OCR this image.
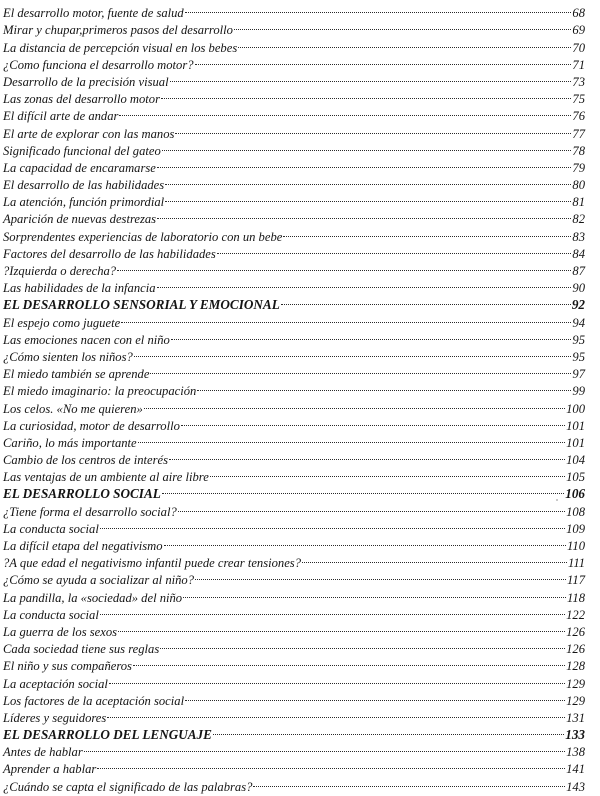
El desarrollo motor, fuente de salud	68
Mirar y chupar,primeros pasos del desarrollo	69
La distancia de percepción visual en los bebes	70
¿Como funciona el desarrollo motor?	71
Desarrollo de la precisión visual	73
Las zonas del desarrollo motor	75
El difícil arte de andar	76
El arte de explorar con las manos	77
Significado funcional del gateo	78
La capacidad de encaramarse	79
El desarrollo de las habilidades	80
La atención, función primordial	81
Aparición de nuevas destrezas	82
Sorprendentes experiencias de laboratorio con un bebe	83
Factores del desarrollo de las habilidades	84
?Izquierda o derecha?	87
Las habilidades de la infancia	90
EL DESARROLLO SENSORIAL Y EMOCIONAL	92
El espejo como juguete	94
Las emociones nacen con el niño	95
¿Cómo sienten los niños?	95
El miedo también se aprende	97
El miedo imaginario: la preocupación	99
Los celos. «No me quieren»	100
La curiosidad, motor de desarrollo	101
Cariño, lo más importante	101
Cambio de los centros de interés	104
Las ventajas de un ambiente al aire libre	105
EL DESARROLLO SOCIAL	106
¿Tiene forma el desarrollo social?	108
La conducta social	109
La difícil etapa del negativismo	110
?A que edad el negativismo infantil puede crear tensiones?	111
¿Cómo se ayuda a socializar al niño?	117
La pandilla, la «sociedad» del niño	118
La conducta social	122
La guerra de los sexos	126
Cada sociedad tiene sus reglas	126
El niño y sus compañeros	128
La aceptación social	129
Los factores de la aceptación social	129
Líderes y seguidores	131
EL DESARROLLO DEL LENGUAJE	133
Antes de hablar	138
Aprender a hablar	141
¿Cuándo se capta el significado de las palabras?	143
